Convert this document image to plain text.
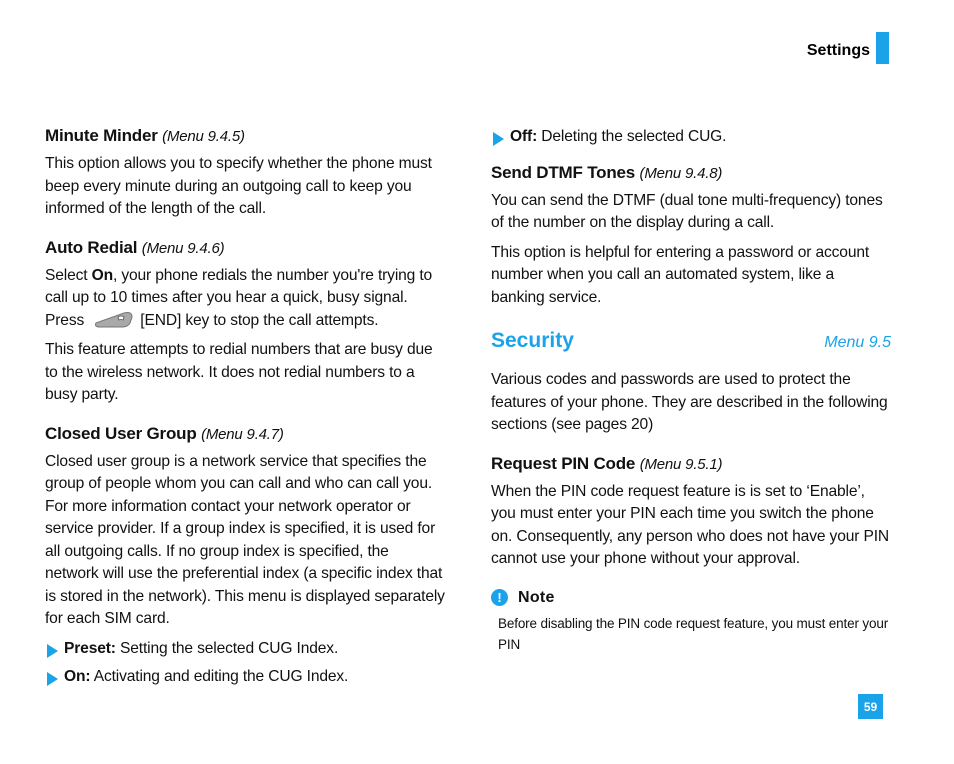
Settings
Minute Minder (Menu 9.4.5)

This option allows you to specify whether the phone must beep every minute during an outgoing call to keep you informed of the length of the call.

Auto Redial (Menu 9.4.6)

Select On, your phone redials the number you're trying to call up to 10 times after you hear a quick, busy signal. Press	[END] key to stop the call attempts.

This feature attempts to redial numbers that are busy due to the wireless network. It does not redial numbers to a busy party.

Closed User Group (Menu 9.4.7)

Closed user group is a network service that specifies the group of people whom you can call and who can call you. For more information contact your network operator or service provider. If a group index is specified, it is used for all outgoing calls. If no group index is specified, the network will use the preferential index (a specific index that is stored in the network). This menu is displayed separately for each SIM card.

Preset: Setting the selected CUG Index.
On: Activating and editing the CUG Index.
Off: Deleting the selected CUG.
Send DTMF Tones (Menu 9.4.8)

You can send the DTMF (dual tone multi-frequency) tones of the number on the display during a call.

This option is helpful for entering a password or account number when you call an automated system, like a banking service.

Security	Menu 9.5

Various codes and passwords are used to protect the features of your phone. They are described in the following sections (see pages 20)

Request PIN Code (Menu 9.5.1)

When the PIN code request feature is is set to ‘Enable’, you must enter your PIN each time you switch the phone on. Consequently, any person who does not have your PIN cannot use your phone without your approval.

!	Note

Before disabling the PIN code request feature, you must enter your PIN

59
